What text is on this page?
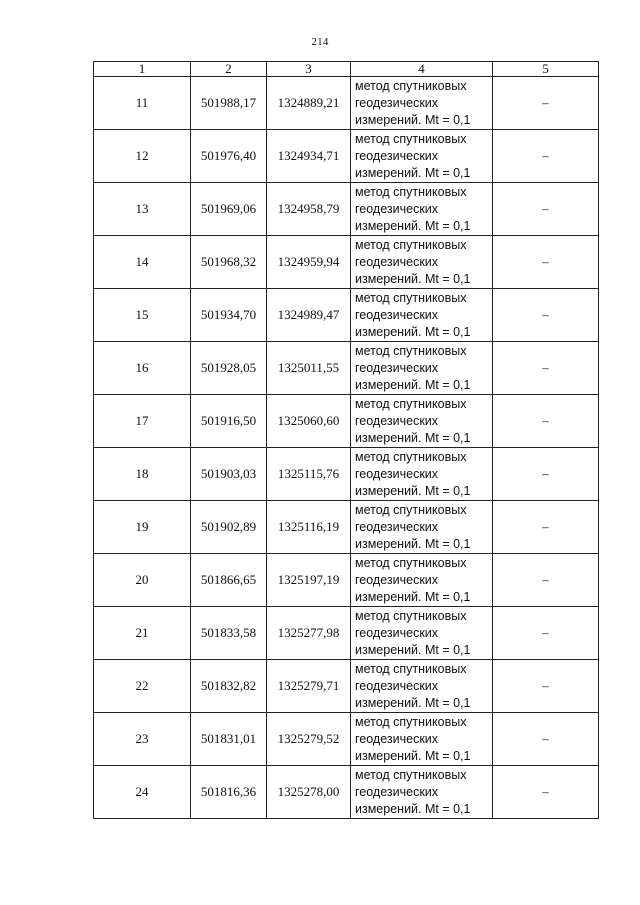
214
1	2	3	4	5
11	501988,17	1324889,21	метод спутниковых
геодезических
измерений. Mt = 0,1	–
12	501976,40	1324934,71	метод спутниковых
геодезических
измерений. Mt = 0,1	–
13	501969,06	1324958,79	метод спутниковых
геодезических
измерений. Mt = 0,1	–
14	501968,32	1324959,94	метод спутниковых
геодезических
измерений. Mt = 0,1	–
15	501934,70	1324989,47	метод спутниковых
геодезических
измерений. Mt = 0,1	–
16	501928,05	1325011,55	метод спутниковых
геодезических
измерений. Mt = 0,1	–
17	501916,50	1325060,60	метод спутниковых
геодезических
измерений. Mt = 0,1	–
18	501903,03	1325115,76	метод спутниковых
геодезических
измерений. Mt = 0,1	–
19	501902,89	1325116,19	метод спутниковых
геодезических
измерений. Mt = 0,1	–
20	501866,65	1325197,19	метод спутниковых
геодезических
измерений. Mt = 0,1	–
21	501833,58	1325277,98	метод спутниковых
геодезических
измерений. Mt = 0,1	–
22	501832,82	1325279,71	метод спутниковых
геодезических
измерений. Mt = 0,1	–
23	501831,01	1325279,52	метод спутниковых
геодезических
измерений. Mt = 0,1	–
24	501816,36	1325278,00	метод спутниковых
геодезических
измерений. Mt = 0,1	–
